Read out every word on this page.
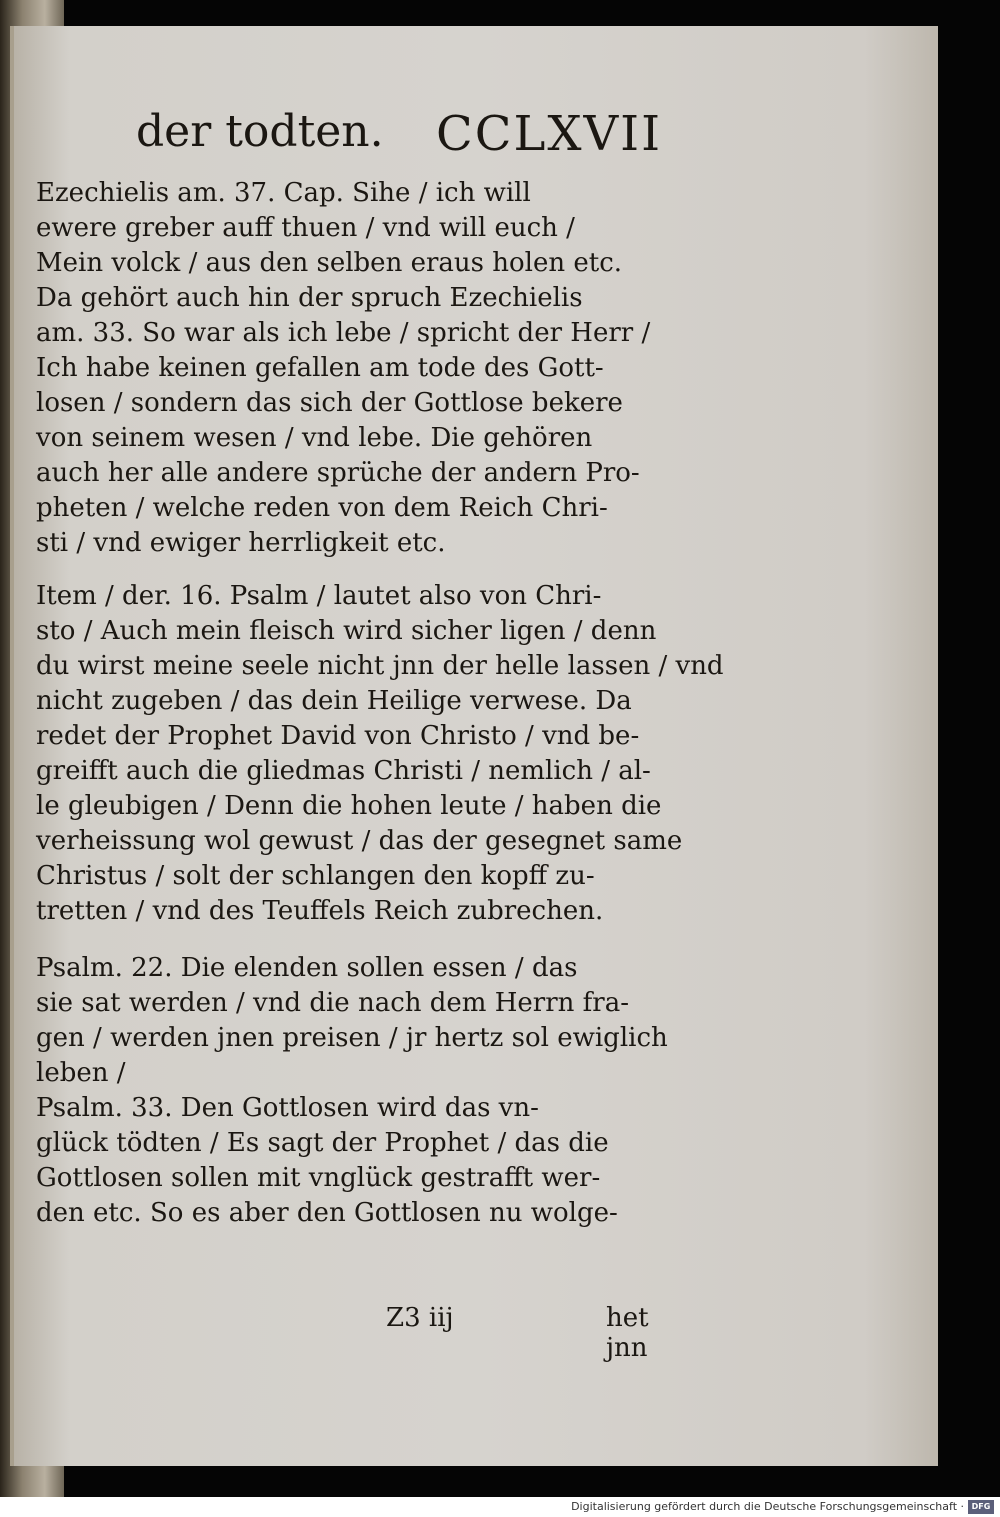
der todten. CCLXVII
Ezechielis am. 37. Cap. Sihe / ich will
ewere greber auff thuen / vnd will euch /
Mein volck / aus den selben eraus holen etc.
Da gehört auch hin der spruch Ezechielis
am. 33. So war als ich lebe / spricht der Herr /
Ich habe keinen gefallen am tode des Gott-
losen / sondern das sich der Gottlose bekere
von seinem wesen / vnd lebe. Die gehören
auch her alle andere sprüche der andern Pro-
pheten / welche reden von dem Reich Chri-
sti / vnd ewiger herrligkeit etc.
Item / der. 16. Psalm / lautet also von Chri-
sto / Auch mein fleisch wird sicher ligen / denn
du wirst meine seele nicht jnn der helle lassen / vnd
nicht zugeben / das dein Heilige verwese. Da
redet der Prophet David von Christo / vnd be-
greifft auch die gliedmas Christi / nemlich / al-
le gleubigen / Denn die hohen leute / haben die
verheissung wol gewust / das der gesegnet same
Christus / solt der schlangen den kopff zu-
tretten / vnd des Teuffels Reich zubrechen.
Psalm. 22. Die elenden sollen essen / das
sie sat werden / vnd die nach dem Herrn fra-
gen / werden jnen preisen / jr hertz sol ewiglich
leben /
Psalm. 33. Den Gottlosen wird das vn-
glück tödten / Es sagt der Prophet / das die
Gottlosen sollen mit vnglück gestrafft wer-
den etc. So es aber den Gottlosen nu wolge-
Z3 iij	het jnn
Digitalisierung gefördert durch die Deutsche Forschungsgemeinschaft · DFG
